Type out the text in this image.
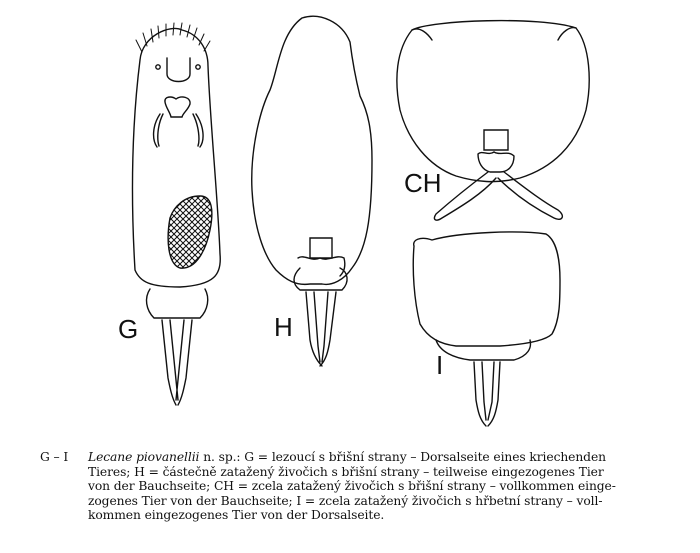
G	H
CH
I
G – I	Lecane piovanellii n. sp.: G = lezoucí s břišní strany – Dorsalseite eines kriechenden
Tieres; H = částečně zatažený živočich s břišní strany – teilweise eingezogenes Tier
von der Bauchseite; CH = zcela zatažený živočich s břišní strany – vollkommen einge-
zogenes Tier von der Bauchseite; I = zcela zatažený živočich s hřbetní strany – voll-
kommen eingezogenes Tier von der Dorsalseite.
